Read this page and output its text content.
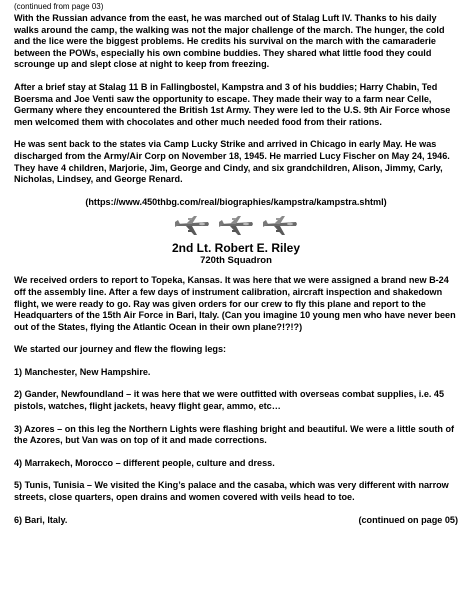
(continued from page 03)

With the Russian advance from the east, he was marched out of Stalag Luft IV. Thanks to his daily walks around the camp, the walking was not the major challenge of the march. The hunger, the cold and the lice were the biggest problems. He credits his survival on the march with the camaraderie between the POWs, especially his own combine buddies. They shared what little food they could scrounge up and slept close at night to keep from freezing.

After a brief stay at Stalag 11 B in Fallingbostel, Kampstra and 3 of his buddies; Harry Chabin, Ted Boersma and Joe Venti saw the opportunity to escape. They made their way to a farm near Celle, Germany where they encountered the British 1st Army. They were led to the U.S. 9th Air Force whose men welcomed them with chocolates and other much needed food from their rations.

He was sent back to the states via Camp Lucky Strike and arrived in Chicago in early May. He was discharged from the Army/Air Corp on November 18, 1945. He married Lucy Fischer on May 24, 1946. They have 4 children, Marjorie, Jim, George and Cindy, and six grandchildren, Alison, Jimmy, Carly, Nicholas, Lindsey, and George Renard.

(https://www.450thbg.com/real/biographies/kampstra/kampstra.shtml)

2nd Lt. Robert E. Riley
720th Squadron

We received orders to report to Topeka, Kansas. It was here that we were assigned a brand new B-24 off the assembly line. After a few days of instrument calibration, aircraft inspection and shakedown flight, we were ready to go. Ray was given orders for our crew to fly this plane and report to the Headquarters of the 15th Air Force in Bari, Italy. (Can you imagine 10 young men who have never been out of the States, flying the Atlantic Ocean in their own plane?!?!?)

We started our journey and flew the flowing legs:

1) Manchester, New Hampshire.

2) Gander, Newfoundland – it was here that we were outfitted with overseas combat supplies, i.e. 45 pistols, watches, flight jackets, heavy flight gear, ammo, etc…

3) Azores – on this leg the Northern Lights were flashing bright and beautiful. We were a little south of the Azores, but Van was on top of it and made corrections.

4) Marrakech, Morocco – different people, culture and dress.

5) Tunis, Tunisia – We visited the King’s palace and the casaba, which was very different with narrow streets, close quarters, open drains and women covered with veils head to toe.

6) Bari, Italy.	(continued on page 05)
